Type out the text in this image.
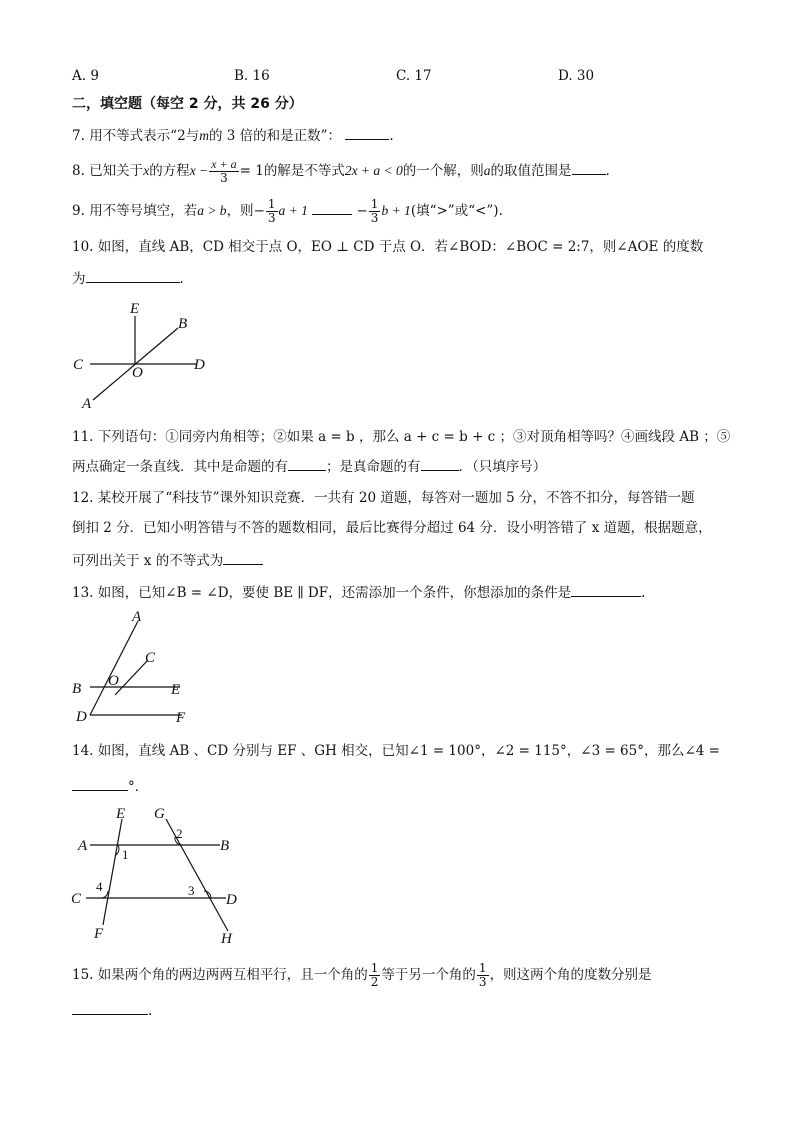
A. 9	B. 16	C. 17	D. 30
二，填空题（每空 2 分，共 26 分）
7. 用不等式表示“2与m的 3 倍的和是正数”：	.
8. 已知关于x的方程$x - \frac{x + a}{3} = 1$的解是不等式2x + a < 0的一个解，则a的取值范围是	.
9. 用不等号填空，若a > b，则− $\frac{1}{3}$ a + 1	− $\frac{1}{3}$ b + 1(填“>”或“<”).
10. 如图，直线 AB，CD 相交于点 O，EO ⊥ CD 于点 O．若∠BOD：∠BOC = 2:7，则∠AOE 的度数
为	.
E
B
C	O	D
A
11. 下列语句：①同旁内角相等；②如果 a = b ，那么 a + c = b + c ；③对顶角相等吗？④画线段 AB ；⑤
两点确定一条直线．其中是命题的有	；是真命题的有	．（只填序号）
12. 某校开展了“科技节”课外知识竞赛．一共有 20 道题，每答对一题加 5 分，不答不扣分，每答错一题
倒扣 2 分．已知小明答错与不答的题数相同，最后比赛得分超过 64 分．设小明答错了 x 道题，根据题意，
可列出关于 x 的不等式为
13. 如图，已知∠B = ∠D，要使 BE ∥ DF，还需添加一个条件，你想添加的条件是	.
A
C
B O
E
D	F
14. 如图，直线 AB 、CD 分别与 EF 、GH 相交，已知∠1 = 100°，∠2 = 115°，∠3 = 65°，那么∠4 =
°．
E G
A	B
C	D
F	H
1
2
3
4
15. 如果两个角的两边两两互相平行，且一个角的 $\frac{1}{2}$ 等于另一个角的 $\frac{1}{3}$ ，则这两个角的度数分别是
.
